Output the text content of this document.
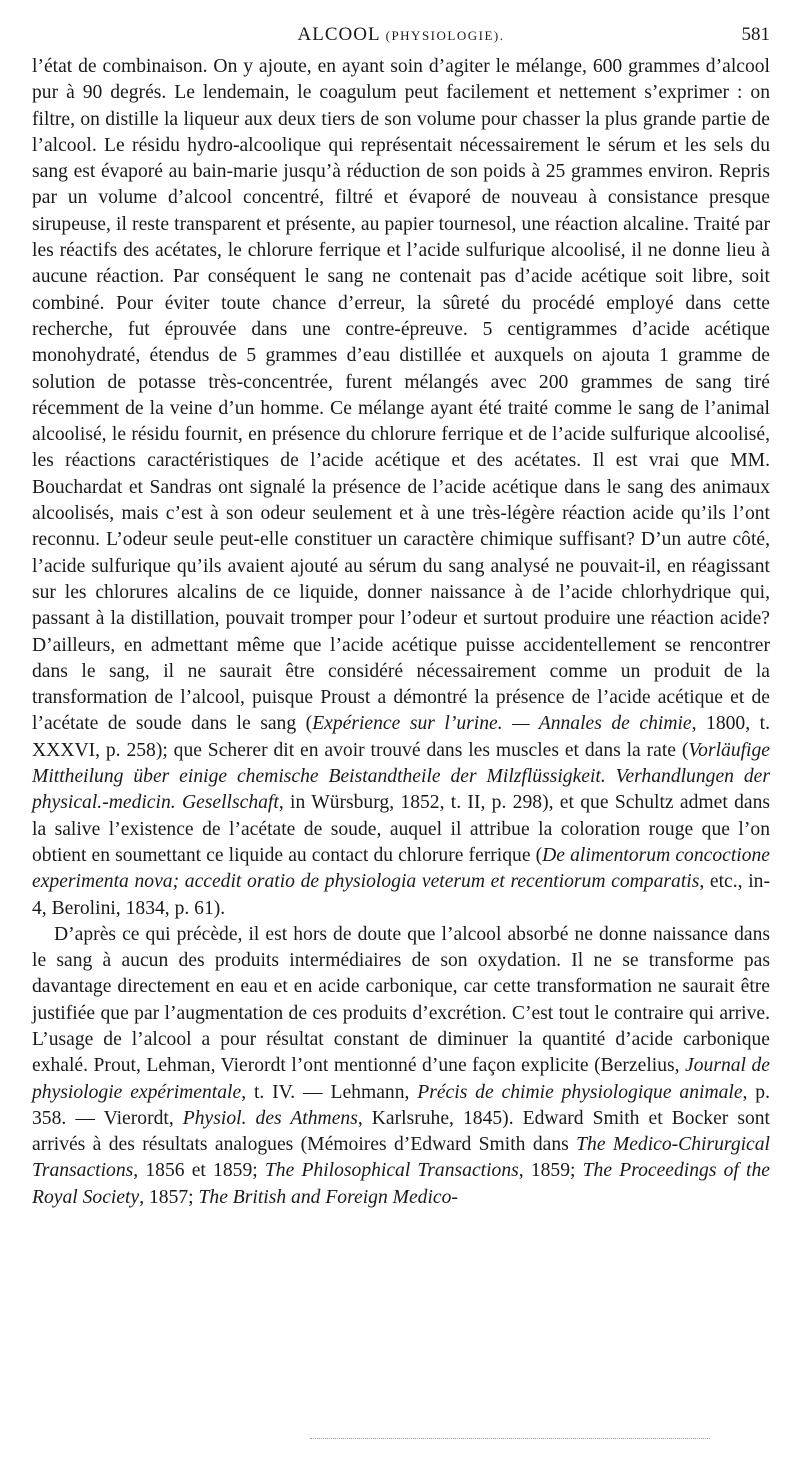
ALCOOL (PHYSIOLOGIE).	581

l’état de combinaison. On y ajoute, en ayant soin d’agiter le mélange, 600 grammes d’alcool pur à 90 degrés. Le lendemain, le coagulum peut facilement et nettement s’exprimer : on filtre, on distille la liqueur aux deux tiers de son volume pour chasser la plus grande partie de l’alcool. Le résidu hydro-alcoolique qui représentait nécessairement le sérum et les sels du sang est évaporé au bain-marie jusqu’à réduction de son poids à 25 grammes environ. Repris par un volume d’alcool concentré, filtré et évaporé de nouveau à consistance presque sirupeuse, il reste transparent et présente, au papier tournesol, une réaction alcaline. Traité par les réactifs des acétates, le chlorure ferrique et l’acide sulfurique alcoolisé, il ne donne lieu à aucune réaction. Par conséquent le sang ne contenait pas d’acide acétique soit libre, soit combiné. Pour éviter toute chance d’erreur, la sûreté du procédé employé dans cette recherche, fut éprouvée dans une contre-épreuve. 5 centigrammes d’acide acétique monohydraté, étendus de 5 grammes d’eau distillée et auxquels on ajouta 1 gramme de solution de potasse très-concentrée, furent mélangés avec 200 grammes de sang tiré récemment de la veine d’un homme. Ce mélange ayant été traité comme le sang de l’animal alcoolisé, le résidu fournit, en présence du chlorure ferrique et de l’acide sulfurique alcoolisé, les réactions caractéristiques de l’acide acétique et des acétates. Il est vrai que MM. Bouchardat et Sandras ont signalé la présence de l’acide acétique dans le sang des animaux alcoolisés, mais c’est à son odeur seulement et à une très-légère réaction acide qu’ils l’ont reconnu. L’odeur seule peut-elle constituer un caractère chimique suffisant? D’un autre côté, l’acide sulfurique qu’ils avaient ajouté au sérum du sang analysé ne pouvait-il, en réagissant sur les chlorures alcalins de ce liquide, donner naissance à de l’acide chlorhydrique qui, passant à la distillation, pouvait tromper pour l’odeur et surtout produire une réaction acide? D’ailleurs, en admettant même que l’acide acétique puisse accidentellement se rencontrer dans le sang, il ne saurait être considéré nécessairement comme un produit de la transformation de l’alcool, puisque Proust a démontré la présence de l’acide acétique et de l’acétate de soude dans le sang (Expérience sur l’urine. — Annales de chimie, 1800, t. XXXVI, p. 258); que Scherer dit en avoir trouvé dans les muscles et dans la rate (Vorläufige Mittheilung über einige chemische Beistandtheile der Milzflüssigkeit. Verhandlungen der physical.-medicin. Gesellschaft, in Würsburg, 1852, t. II, p. 298), et que Schultz admet dans la salive l’existence de l’acétate de soude, auquel il attribue la coloration rouge que l’on obtient en soumettant ce liquide au contact du chlorure ferrique (De alimentorum concoctione experimenta nova; accedit oratio de physiologia veterum et recentiorum comparatis, etc., in-4, Berolini, 1834, p. 61).

D’après ce qui précède, il est hors de doute que l’alcool absorbé ne donne naissance dans le sang à aucun des produits intermédiaires de son oxydation. Il ne se transforme pas davantage directement en eau et en acide carbonique, car cette transformation ne saurait être justifiée que par l’augmentation de ces produits d’excrétion. C’est tout le contraire qui arrive. L’usage de l’alcool a pour résultat constant de diminuer la quantité d’acide carbonique exhalé. Prout, Lehman, Vierordt l’ont mentionné d’une façon explicite (Berzelius, Journal de physiologie expérimentale, t. IV. — Lehmann, Précis de chimie physiologique animale, p. 358. — Vierordt, Physiol. des Athmens, Karlsruhe, 1845). Edward Smith et Bocker sont arrivés à des résultats analogues (Mémoires d’Edward Smith dans The Medico-Chirurgical Transactions, 1856 et 1859; The Philosophical Transactions, 1859; The Proceedings of the Royal Society, 1857; The British and Foreign Medico-
